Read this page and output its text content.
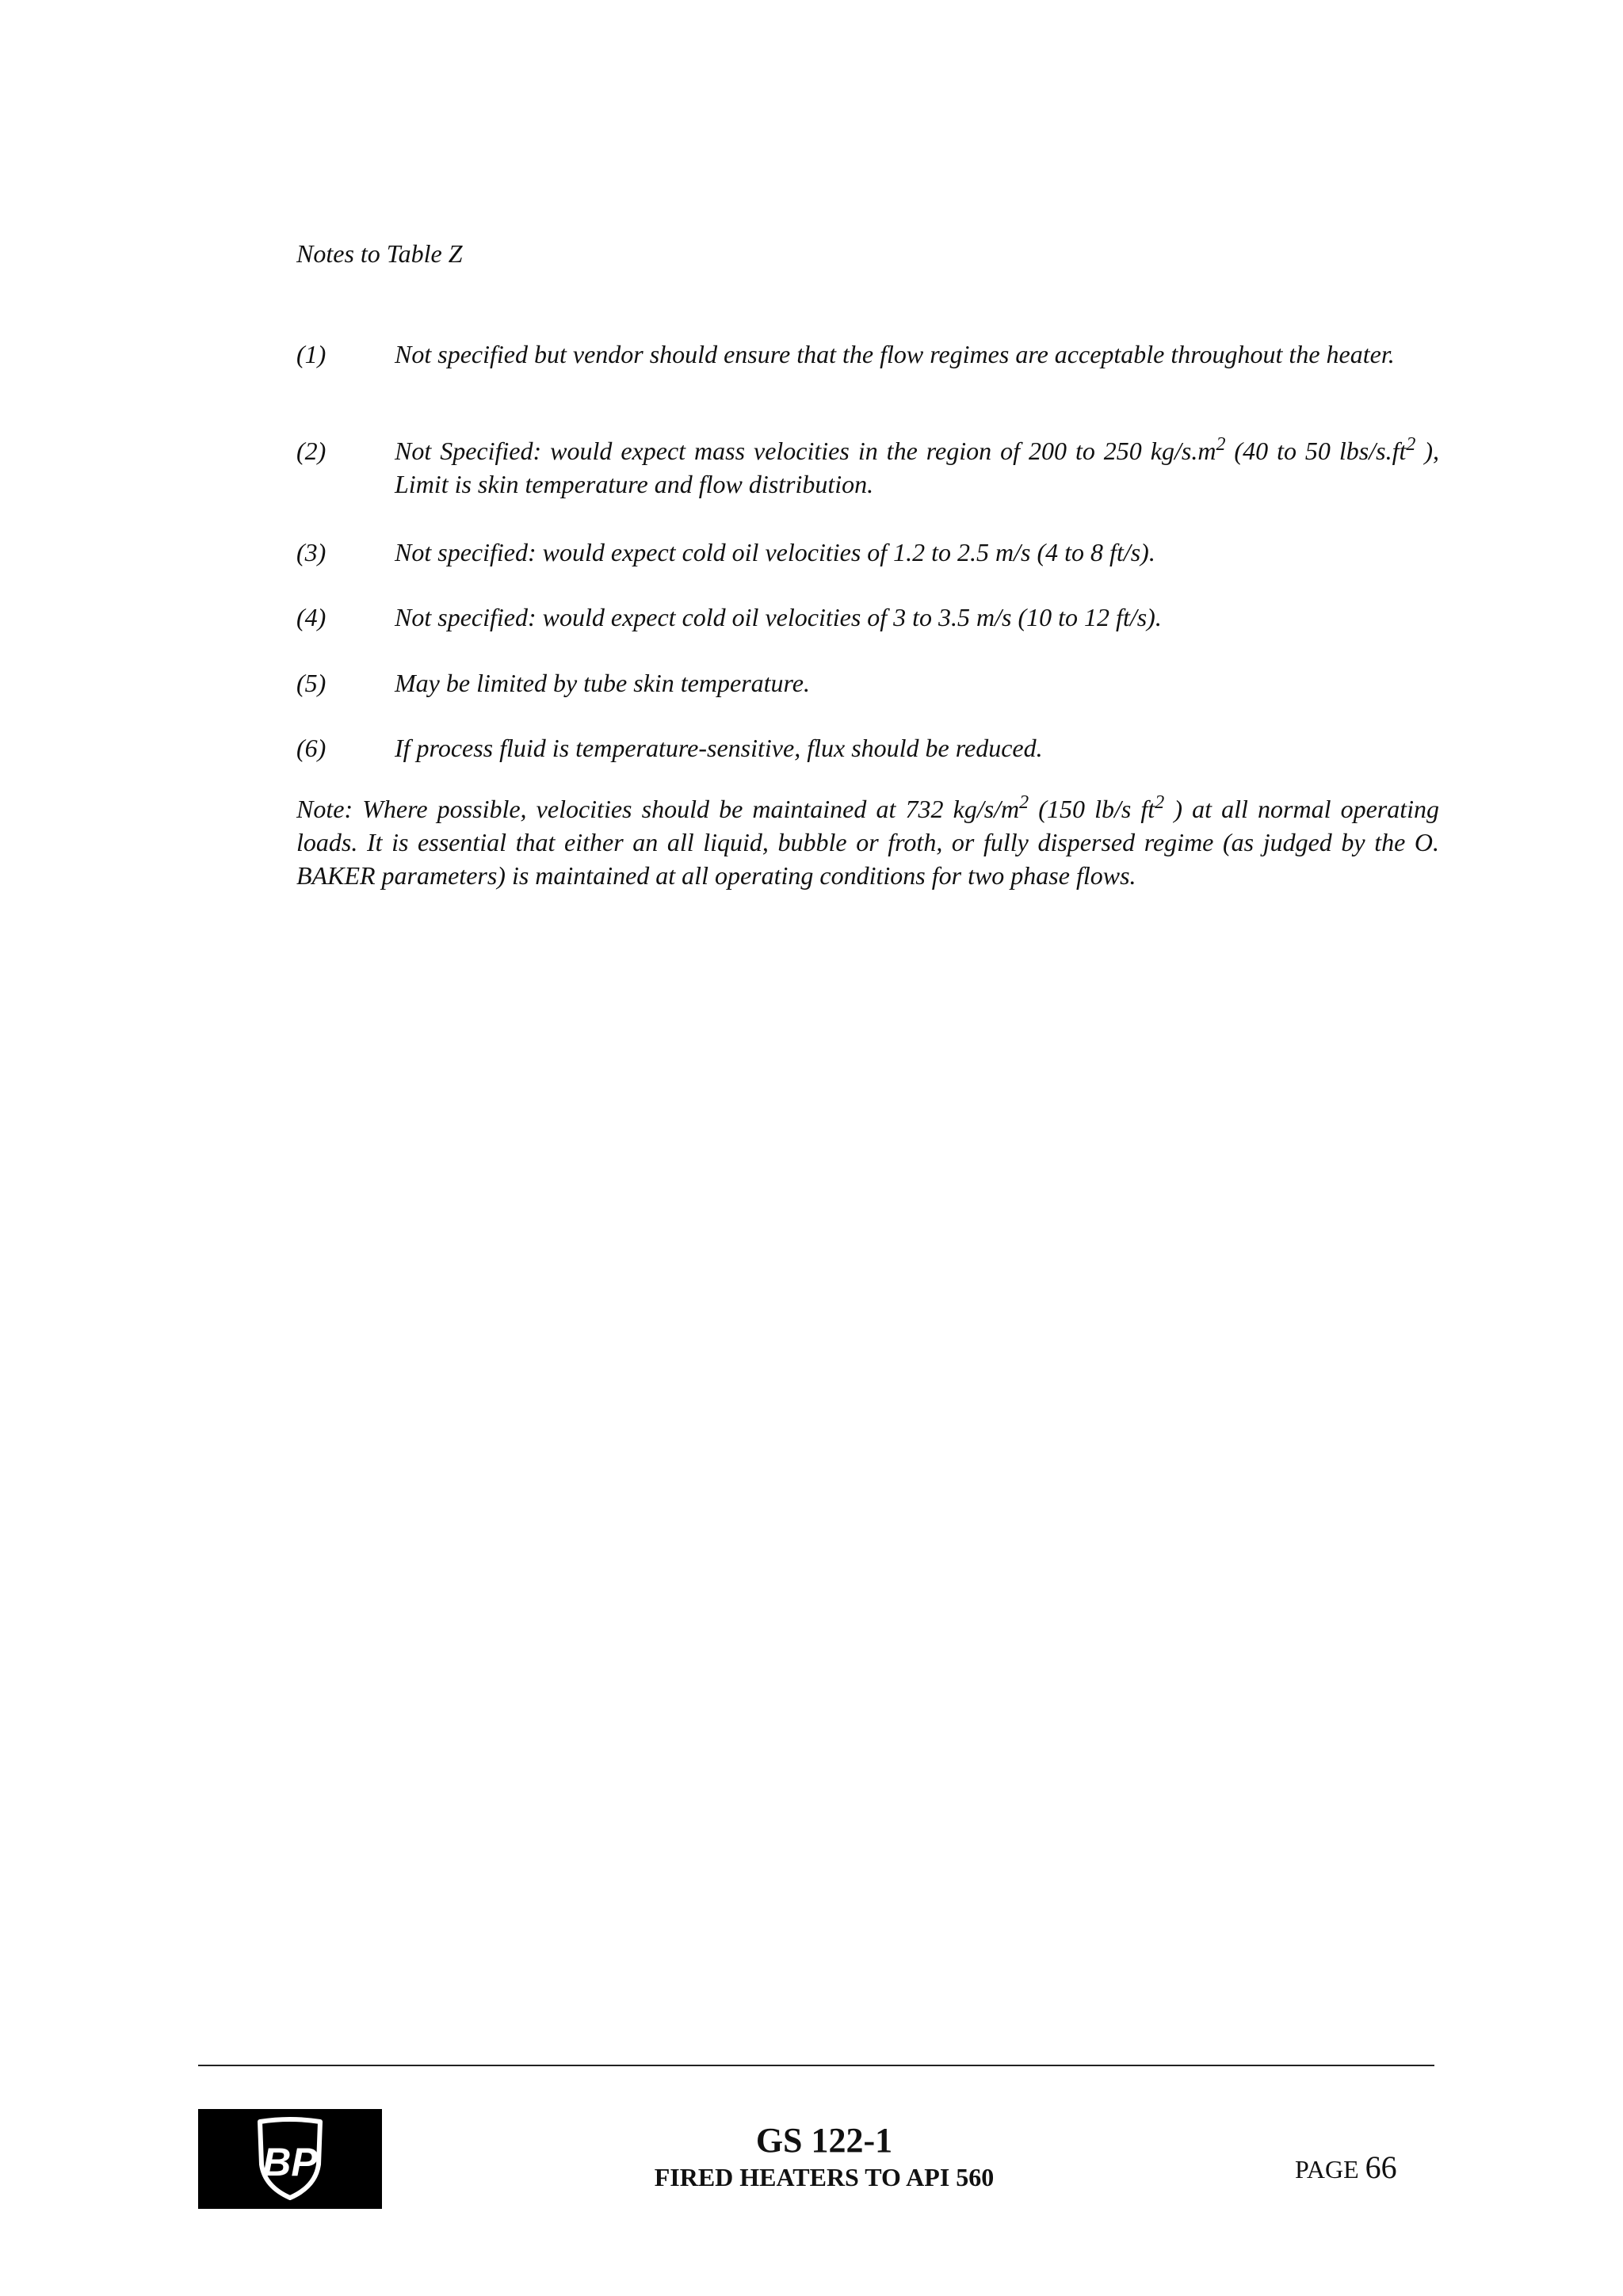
Notes to Table Z
(1)	Not specified but vendor should ensure that the flow regimes are acceptable throughout the heater.
(2)	Not Specified: would expect mass velocities in the region of 200 to 250 $kg/s.m^2$ (40 to 50 lbs/$s.ft^2$ ), Limit is skin temperature and flow distribution.
(3)	Not specified: would expect cold oil velocities of 1.2 to 2.5 m/s (4 to 8 ft/s).
(4)	Not specified: would expect cold oil velocities of 3 to 3.5 m/s (10 to 12 ft/s).
(5)	May be limited by tube skin temperature.
(6)	If process fluid is temperature-sensitive, flux should be reduced.
Note: Where possible, velocities should be maintained at 732 $kg/s/m^2$ (150 lb/s $ft^2$ ) at all normal operating loads. It is essential that either an all liquid, bubble or froth, or fully dispersed regime (as judged by the O. BAKER parameters) is maintained at all operating conditions for two phase flows.
BP	GS 122-1
FIRED HEATERS TO API 560	PAGE 66
